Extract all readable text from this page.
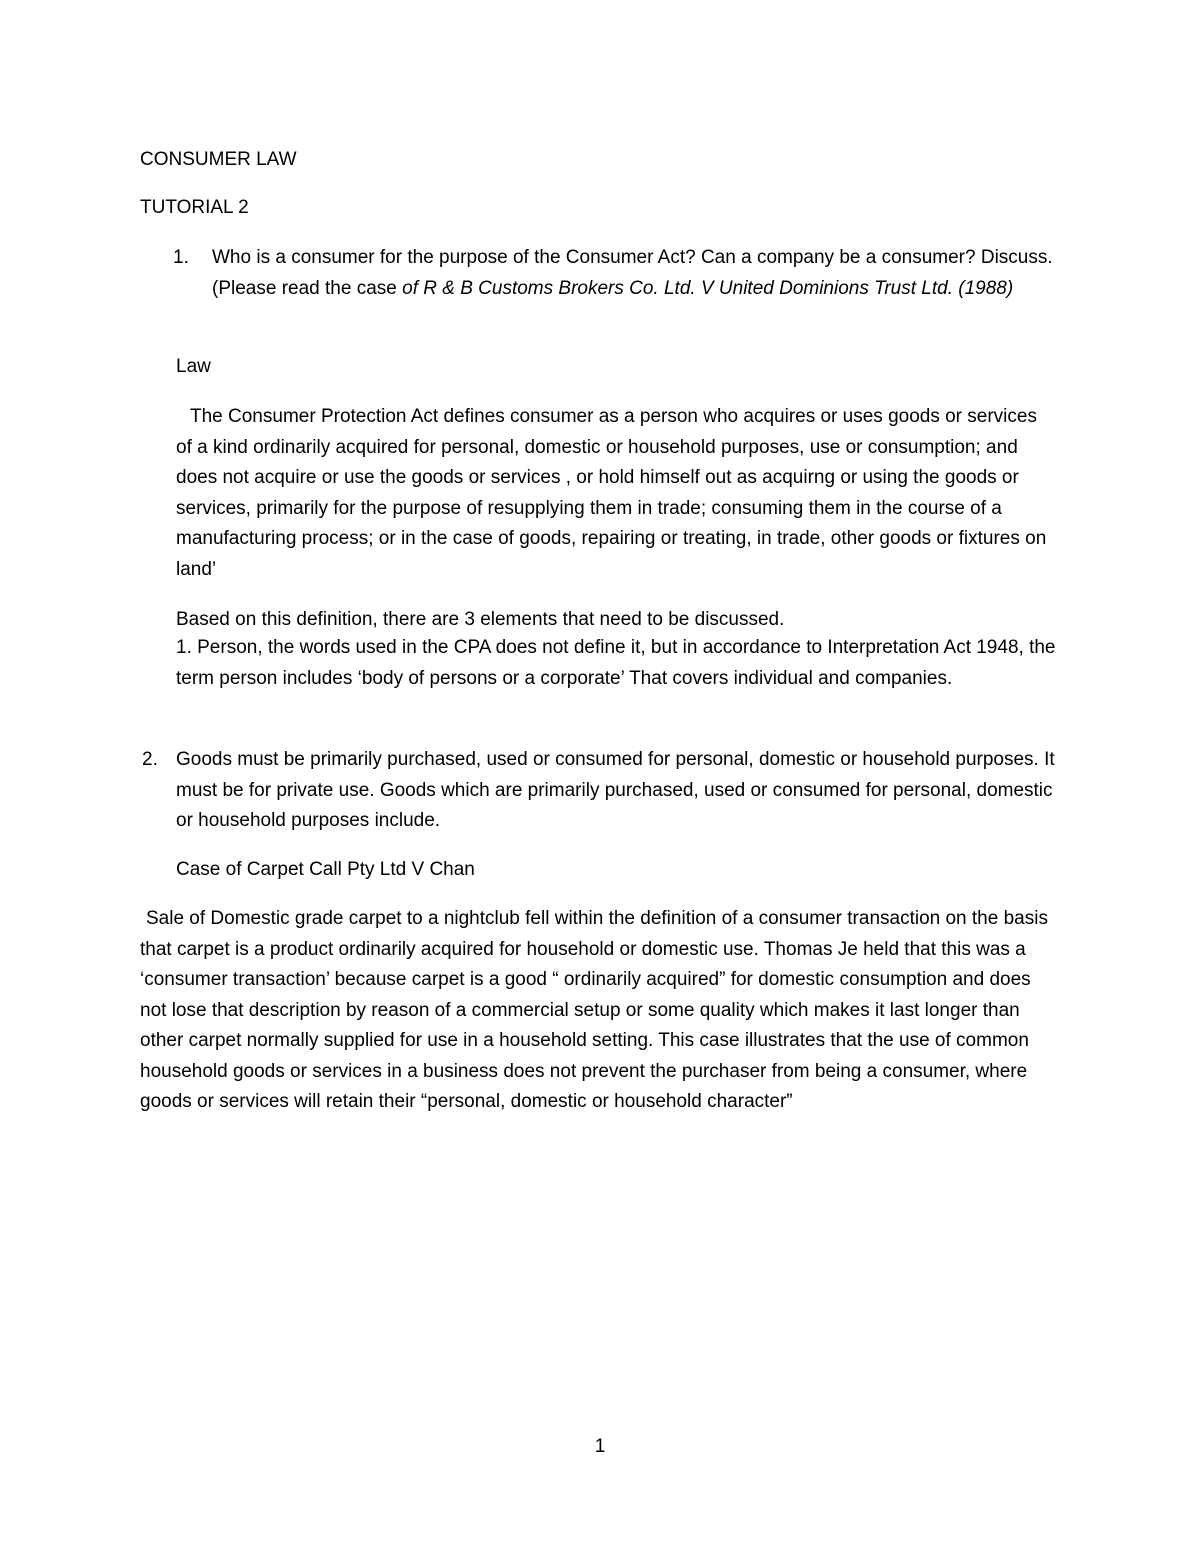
CONSUMER LAW

TUTORIAL 2

1. Who is a consumer for the purpose of the Consumer Act? Can a company be a consumer? Discuss. (Please read the case of R & B Customs Brokers Co. Ltd. V United Dominions Trust Ltd. (1988)

Law

The Consumer Protection Act defines consumer as a person who acquires or uses goods or services of a kind ordinarily acquired for personal, domestic or household purposes, use or consumption; and does not acquire or use the goods or services , or hold himself out as acquirng or using the goods or services, primarily for the purpose of resupplying them in trade; consuming them in the course of a manufacturing process; or in the case of goods, repairing or treating, in trade, other goods or fixtures on land’

Based on this definition, there are 3 elements that need to be discussed.

1. Person, the words used in the CPA does not define it, but in accordance to Interpretation Act 1948, the term person includes ‘body of persons or a corporate’ That covers individual and companies.

2. Goods must be primarily purchased, used or consumed for personal, domestic or household purposes. It must be for private use. Goods which are primarily purchased, used or consumed for personal, domestic or household purposes include.

Case of Carpet Call Pty Ltd V Chan

Sale of Domestic grade carpet to a nightclub fell within the definition of a consumer transaction on the basis that carpet is a product ordinarily acquired for household or domestic use. Thomas Je held that this was a ‘consumer transaction’ because carpet is a good “ ordinarily acquired” for domestic consumption and does not lose that description by reason of a commercial setup or some quality which makes it last longer than other carpet normally supplied for use in a household setting. This case illustrates that the use of common household goods or services in a business does not prevent the purchaser from being a consumer, where goods or services will retain their “personal, domestic or household character”

1
